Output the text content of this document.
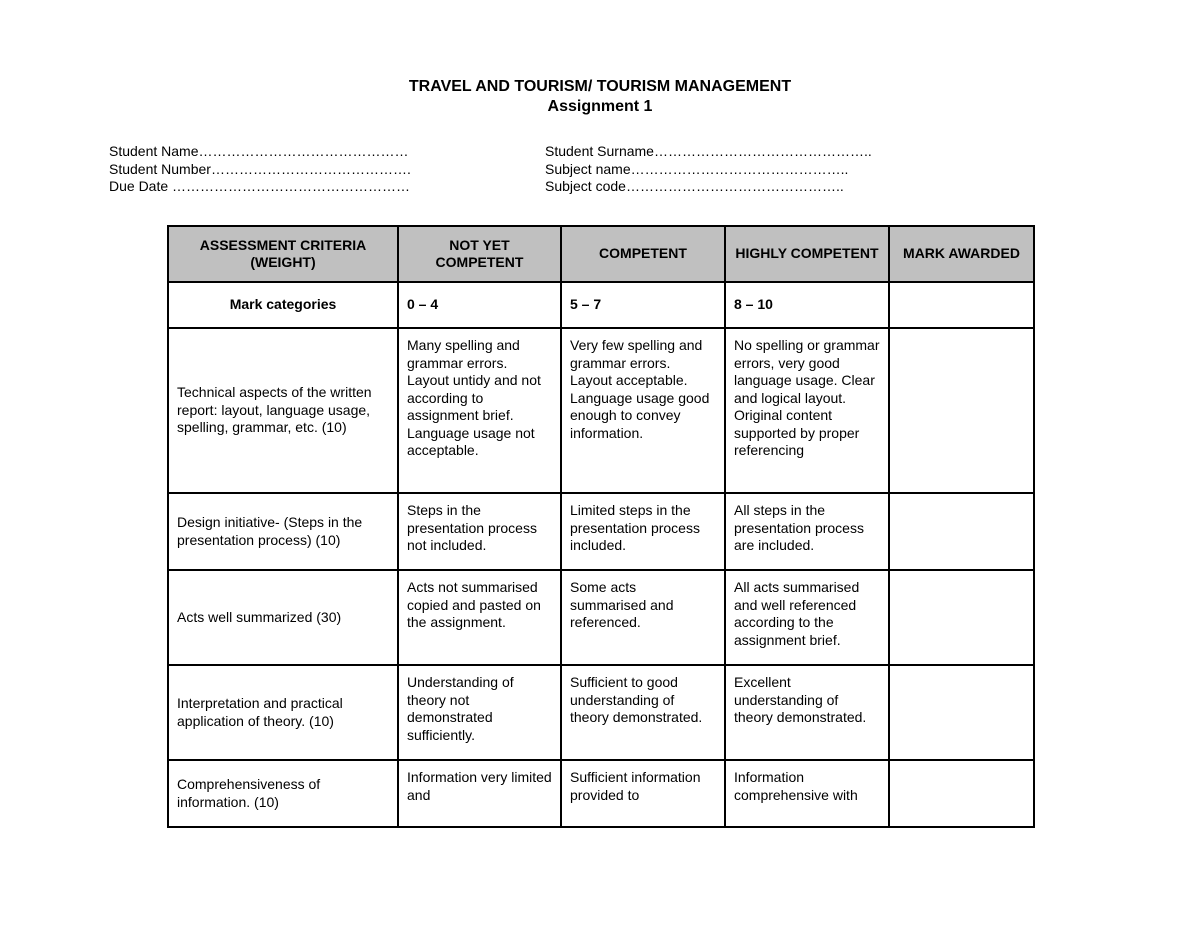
TRAVEL AND TOURISM/ TOURISM MANAGEMENT
Assignment 1
Student Name………………………………………
Student Number…………………………………….
Due Date ……………………………………………
Student Surname………………………………………..
Subject name………………………………………..
Subject code………………………………………..
ASSESSMENT CRITERIA (WEIGHT)	NOT YET COMPETENT	COMPETENT	HIGHLY COMPETENT	MARK AWARDED
Mark categories	0 – 4	5 – 7	8 – 10	
Technical aspects of the written report: layout, language usage, spelling, grammar, etc. (10)	Many spelling and grammar errors. Layout untidy and not according to assignment brief. Language usage not acceptable.	Very few spelling and grammar errors. Layout acceptable. Language usage good enough to convey information.	No spelling or grammar errors, very good language usage. Clear and logical layout. Original content supported by proper referencing	
Design initiative- (Steps in the presentation process) (10)	Steps in the presentation process not included.	Limited steps in the presentation process included.	All steps in the presentation process are included.	
Acts well summarized (30)	Acts not summarised copied and pasted on the assignment.	Some acts summarised and referenced.	All acts summarised and well referenced according to the assignment brief.	
Interpretation and practical application of theory. (10)	Understanding of theory not demonstrated sufficiently.	Sufficient to good understanding of theory demonstrated.	Excellent understanding of theory demonstrated.	
Comprehensiveness of information. (10)	Information very limited and	Sufficient information provided to	Information comprehensive with	
